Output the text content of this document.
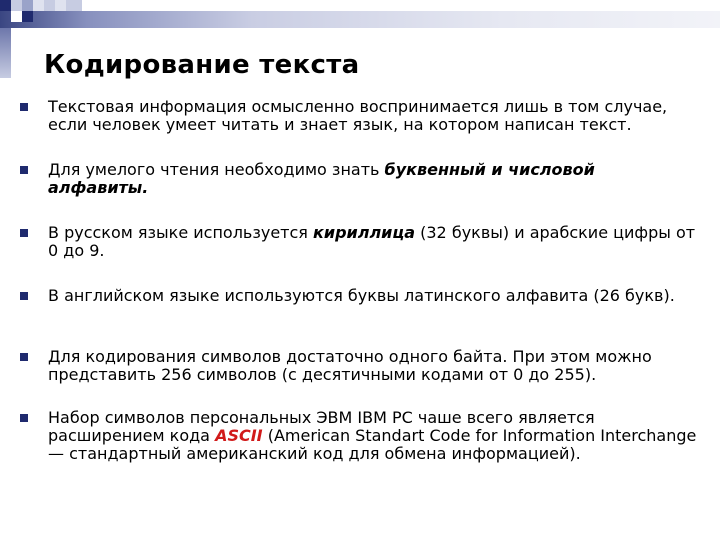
Кодирование текста
Текстовая информация осмысленно воспринимается лишь в том случае, если человек умеет читать и знает язык, на котором написан текст.
Для умелого чтения необходимо знать буквенный и числовой алфавиты.
В русском языке используется кириллица (32 буквы) и арабские цифры от 0 до 9.
В английском языке используются буквы латинского алфавита (26 букв).
Для кодирования символов достаточно одного байта. При этом можно представить 256 символов (с десятичными кодами от 0 до 255).
Набор символов персональных ЭВМ IBM PC чаше всего является расширением кода ASCII (American Standart Code for Information Interchange — стандартный американский код для обмена информацией).
